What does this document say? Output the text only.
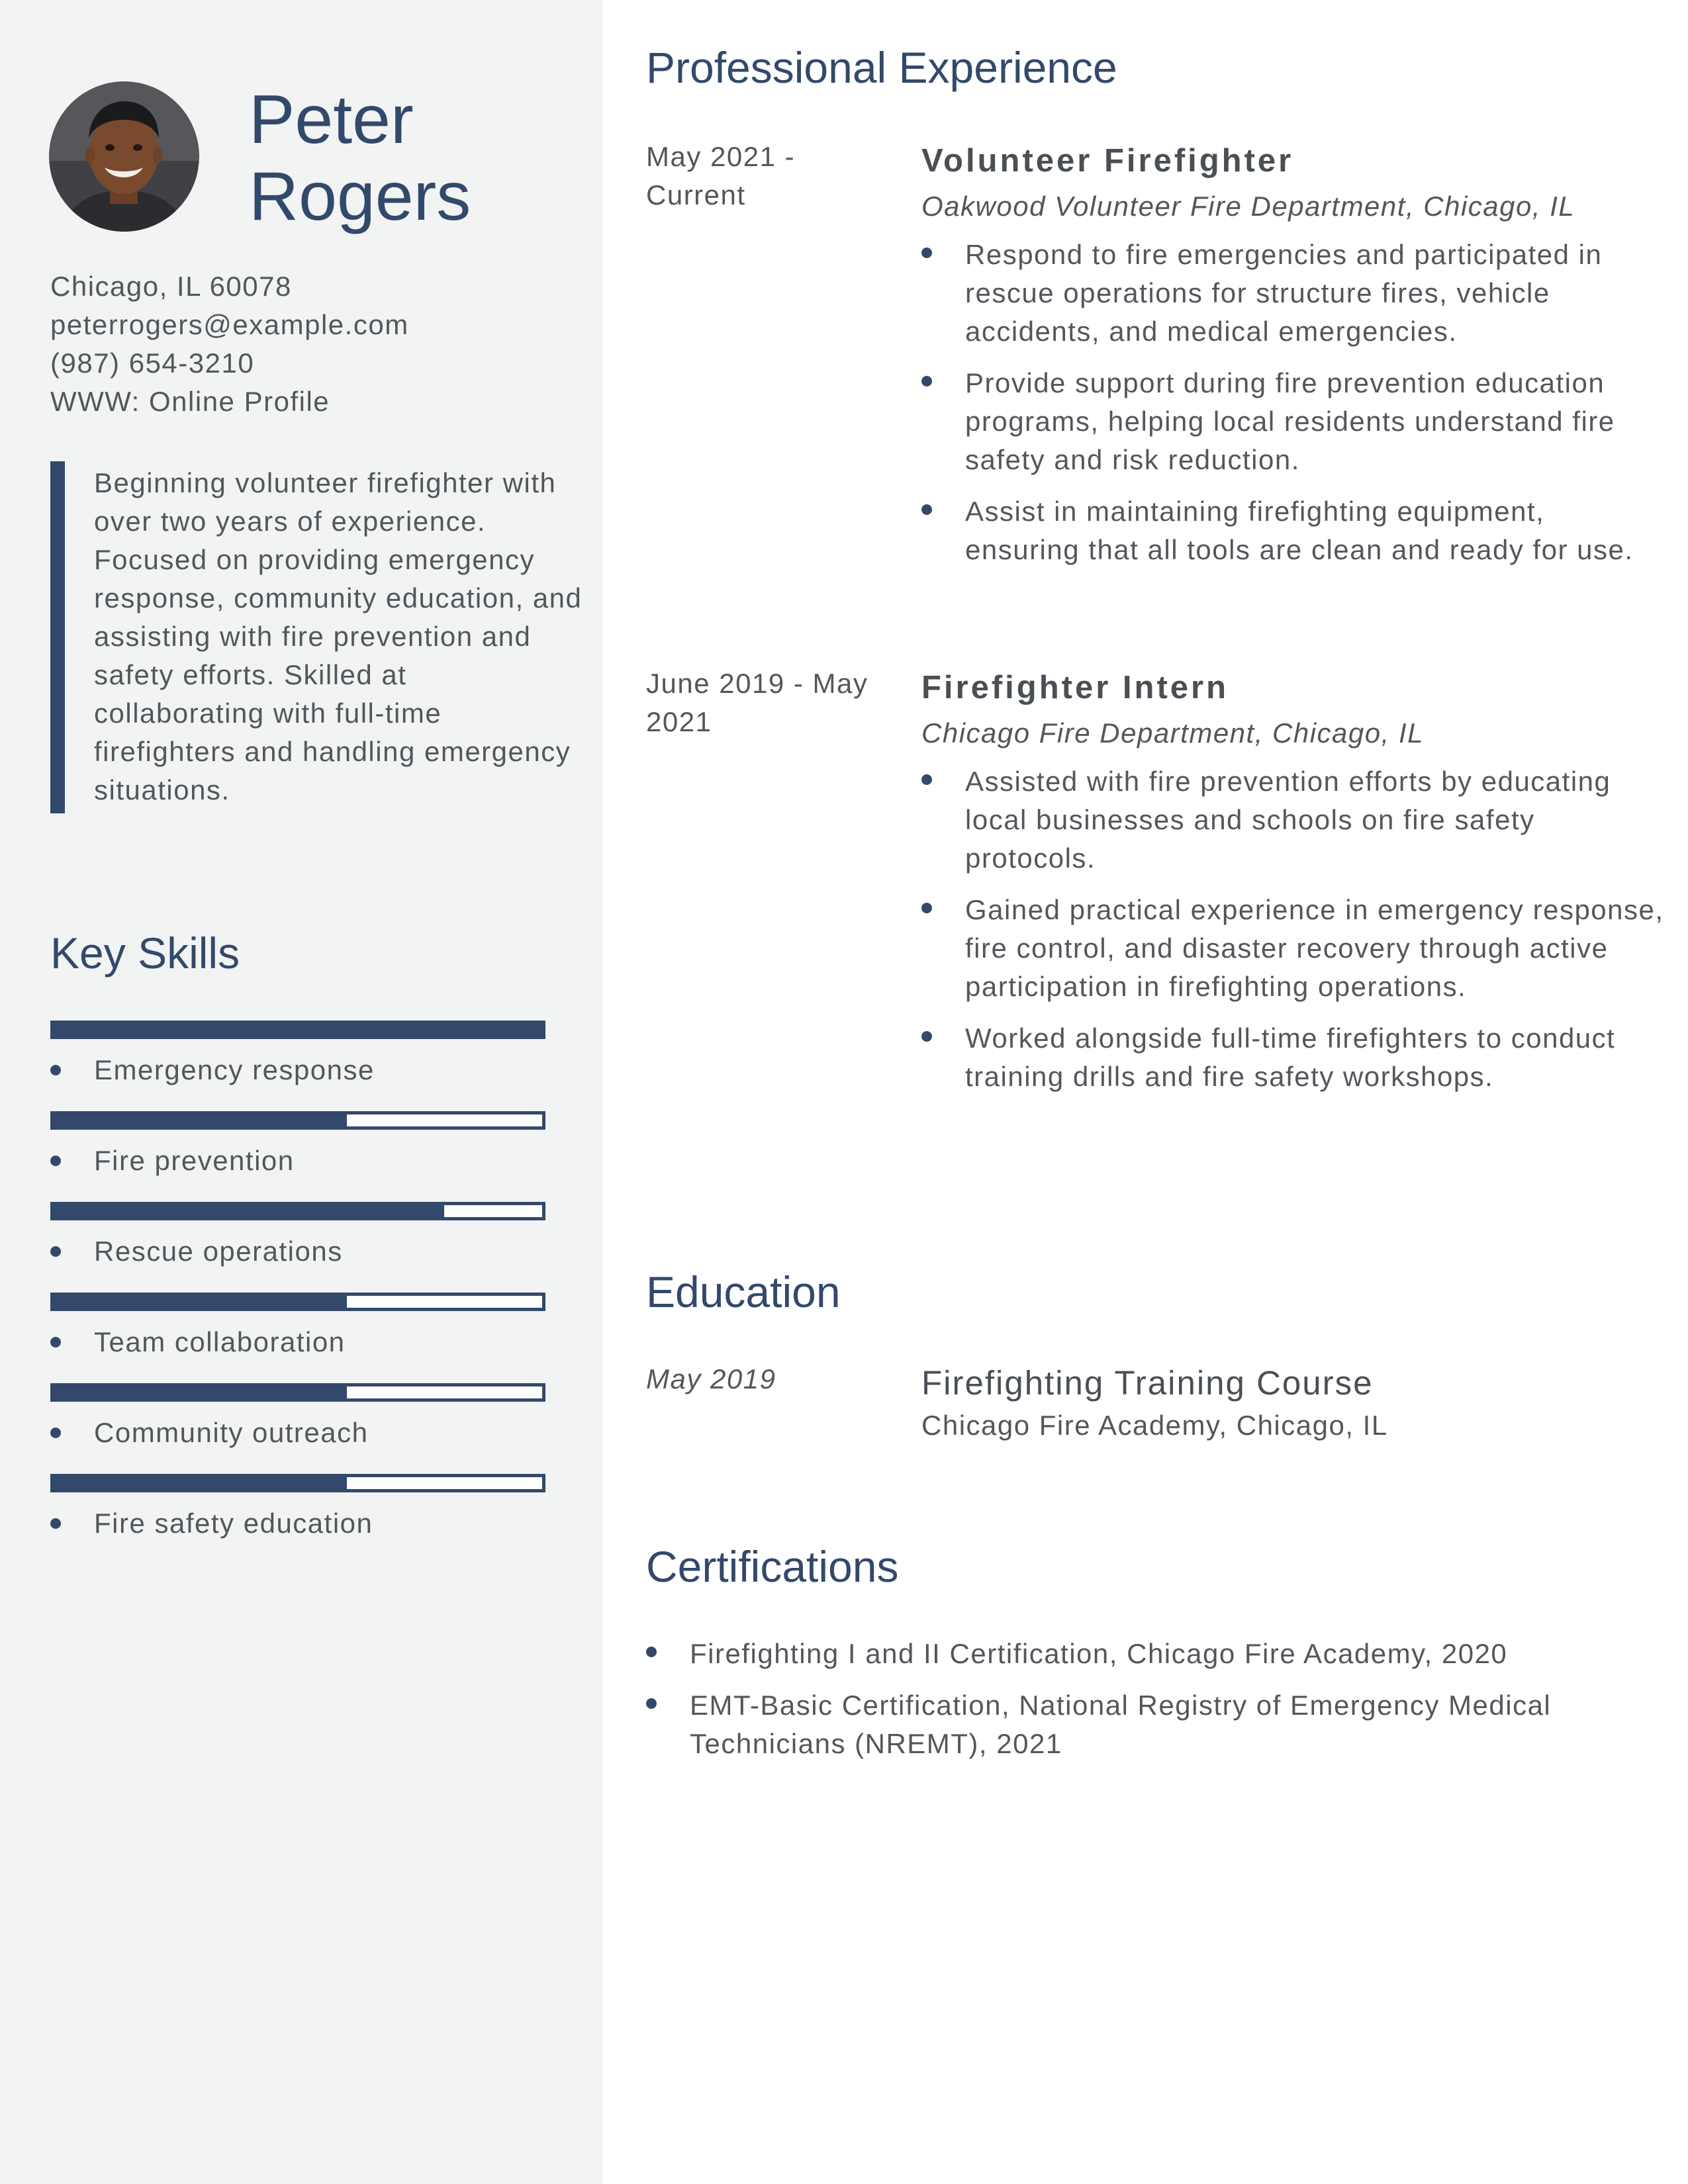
Peter
Rogers
Chicago, IL 60078
peterrogers@example.com
(987) 654-3210
WWW: Online Profile
Beginning volunteer firefighter with over two years of experience. Focused on providing emergency response, community education, and assisting with fire prevention and safety efforts. Skilled at collaborating with full-time firefighters and handling emergency situations.
Key Skills
Emergency response
Fire prevention
Rescue operations
Team collaboration
Community outreach
Fire safety education
Professional Experience
May 2021 - Current
Volunteer Firefighter
Oakwood Volunteer Fire Department, Chicago, IL
Respond to fire emergencies and participated in rescue operations for structure fires, vehicle accidents, and medical emergencies.
Provide support during fire prevention education programs, helping local residents understand fire safety and risk reduction.
Assist in maintaining firefighting equipment, ensuring that all tools are clean and ready for use.
June 2019 - May 2021
Firefighter Intern
Chicago Fire Department, Chicago, IL
Assisted with fire prevention efforts by educating local businesses and schools on fire safety protocols.
Gained practical experience in emergency response, fire control, and disaster recovery through active participation in firefighting operations.
Worked alongside full-time firefighters to conduct training drills and fire safety workshops.
Education
May 2019	Firefighting Training Course
Chicago Fire Academy, Chicago, IL
Certifications
Firefighting I and II Certification, Chicago Fire Academy, 2020
EMT-Basic Certification, National Registry of Emergency Medical Technicians (NREMT), 2021
